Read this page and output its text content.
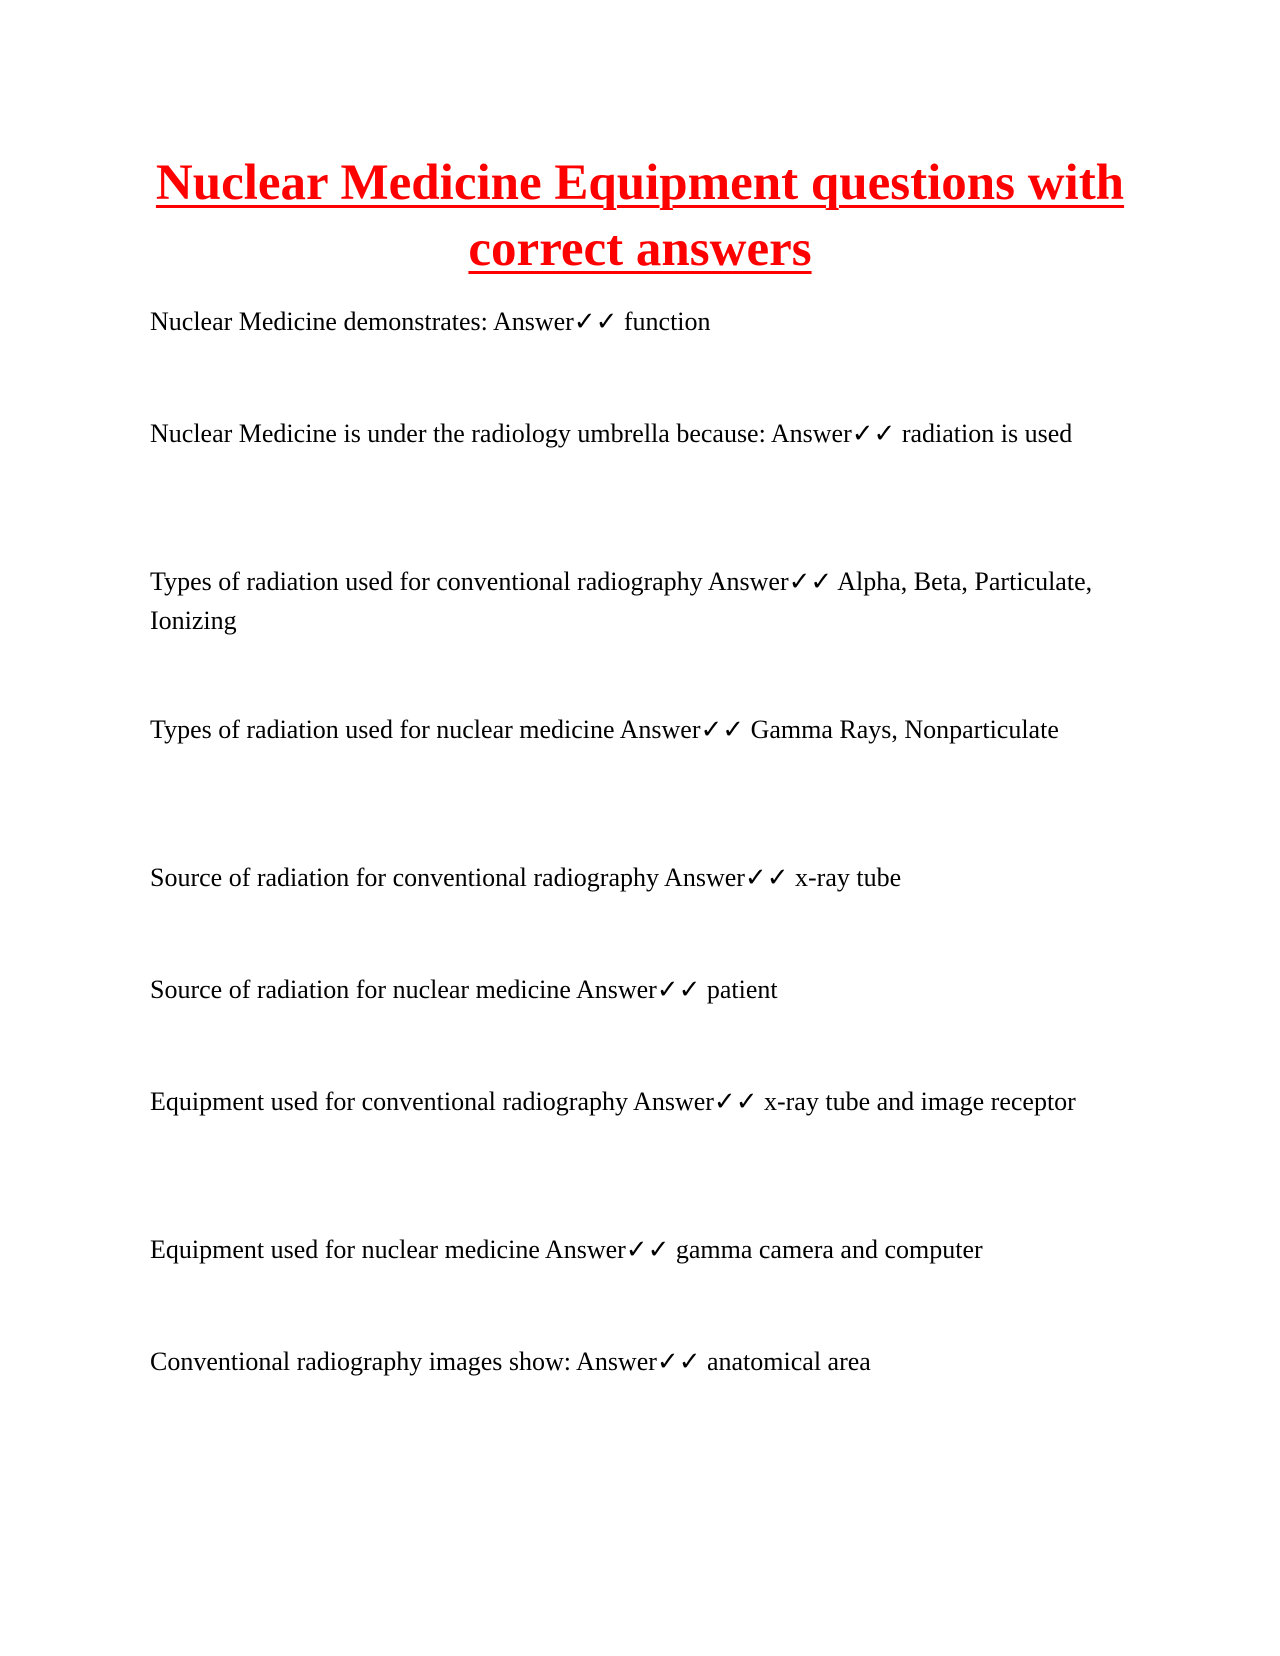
Nuclear Medicine Equipment questions with correct answers

Nuclear Medicine demonstrates: Answer✓✓ function

Nuclear Medicine is under the radiology umbrella because: Answer✓✓ radiation is used

Types of radiation used for conventional radiography Answer✓✓ Alpha, Beta, Particulate, Ionizing

Types of radiation used for nuclear medicine Answer✓✓ Gamma Rays, Nonparticulate

Source of radiation for conventional radiography Answer✓✓ x-ray tube

Source of radiation for nuclear medicine Answer✓✓ patient

Equipment used for conventional radiography Answer✓✓ x-ray tube and image receptor

Equipment used for nuclear medicine Answer✓✓ gamma camera and computer

Conventional radiography images show: Answer✓✓ anatomical area
